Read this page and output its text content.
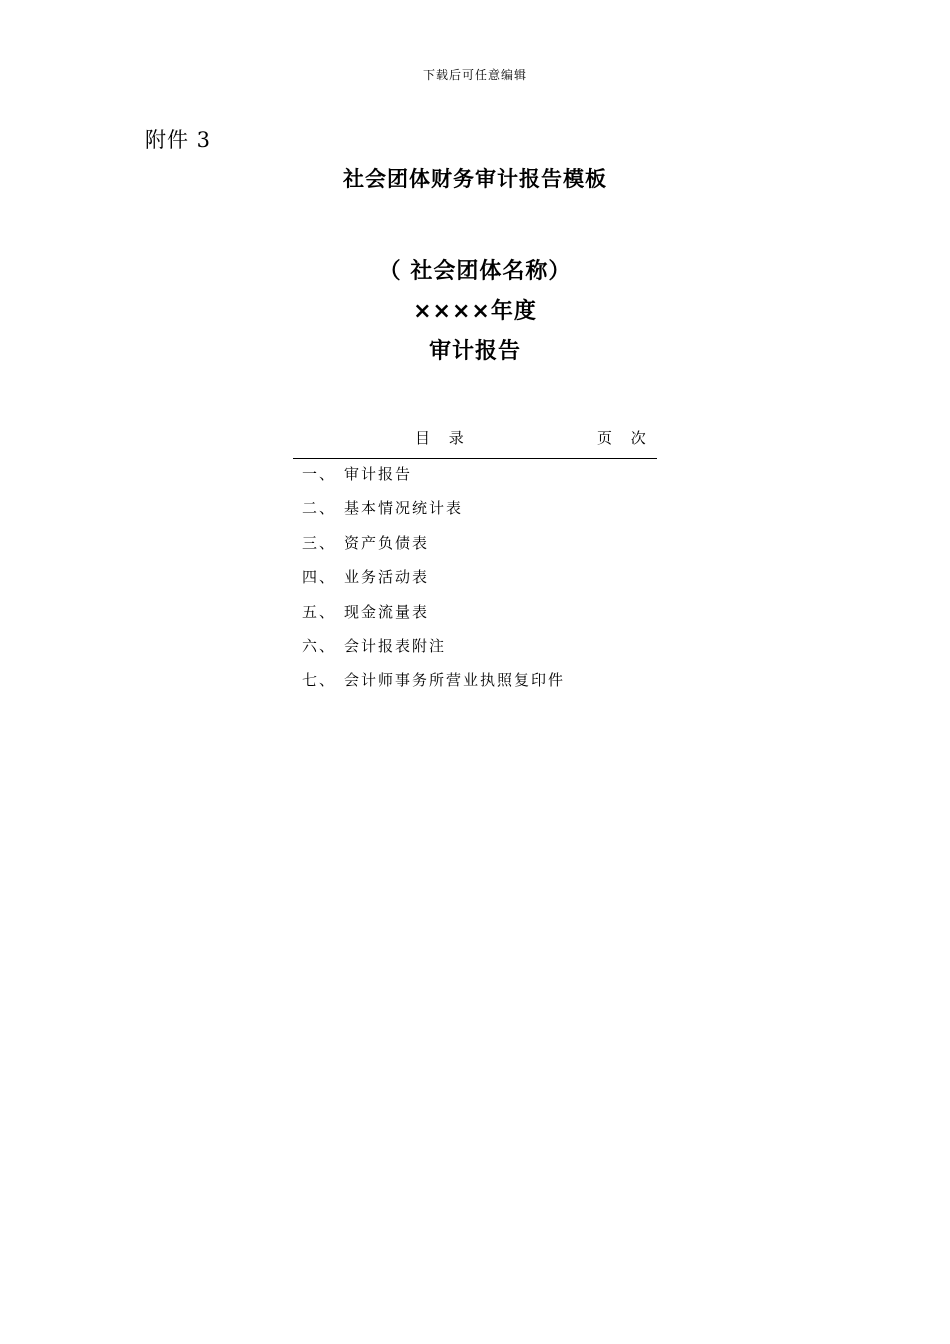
下载后可任意编辑
附件 3
社会团体财务审计报告模板
（ 社会团体名称）
××××年度
审计报告
目 录	页 次
一、 审计报告
二、 基本情况统计表
三、 资产负债表
四、 业务活动表
五、 现金流量表
六、 会计报表附注
七、 会计师事务所营业执照复印件
